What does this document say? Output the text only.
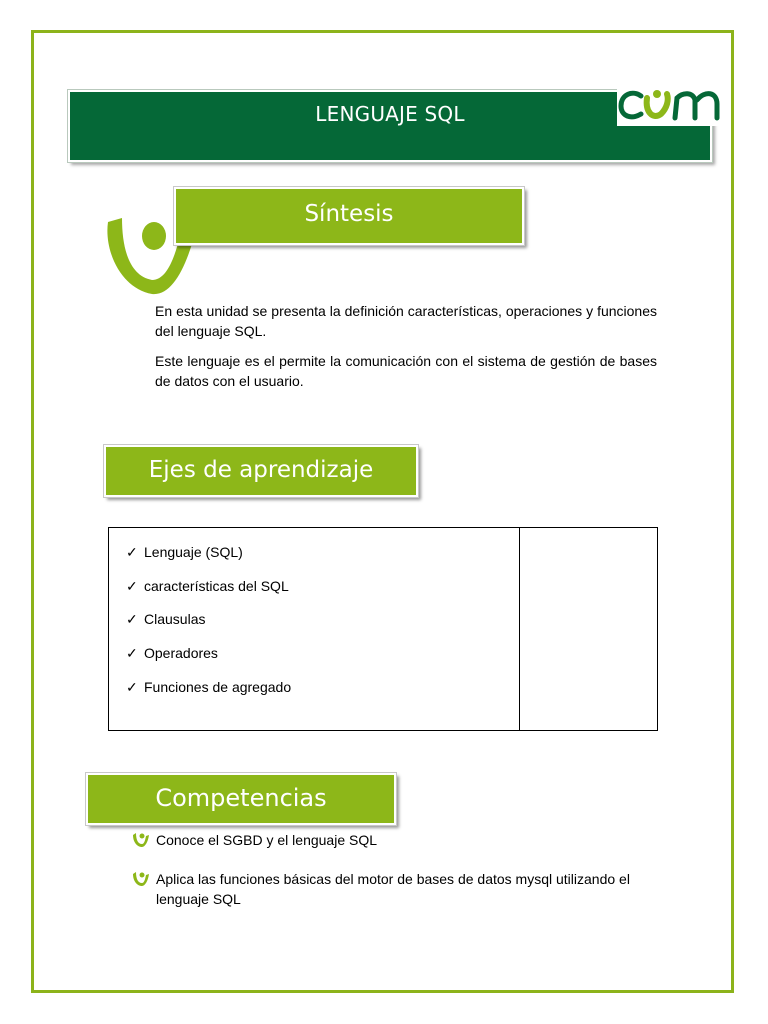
LENGUAJE SQL
Síntesis
En esta unidad se presenta la definición características, operaciones y funciones del lenguaje SQL.
Este lenguaje es el permite la comunicación con el sistema de gestión de bases de datos con el usuario.
Ejes de aprendizaje
✓ Lenguaje (SQL)
✓ características del SQL
✓ Clausulas
✓ Operadores
✓ Funciones de agregado
Competencias
Conoce el SGBD y el lenguaje SQL
Aplica las funciones básicas del motor de bases de datos mysql utilizando el lenguaje SQL
